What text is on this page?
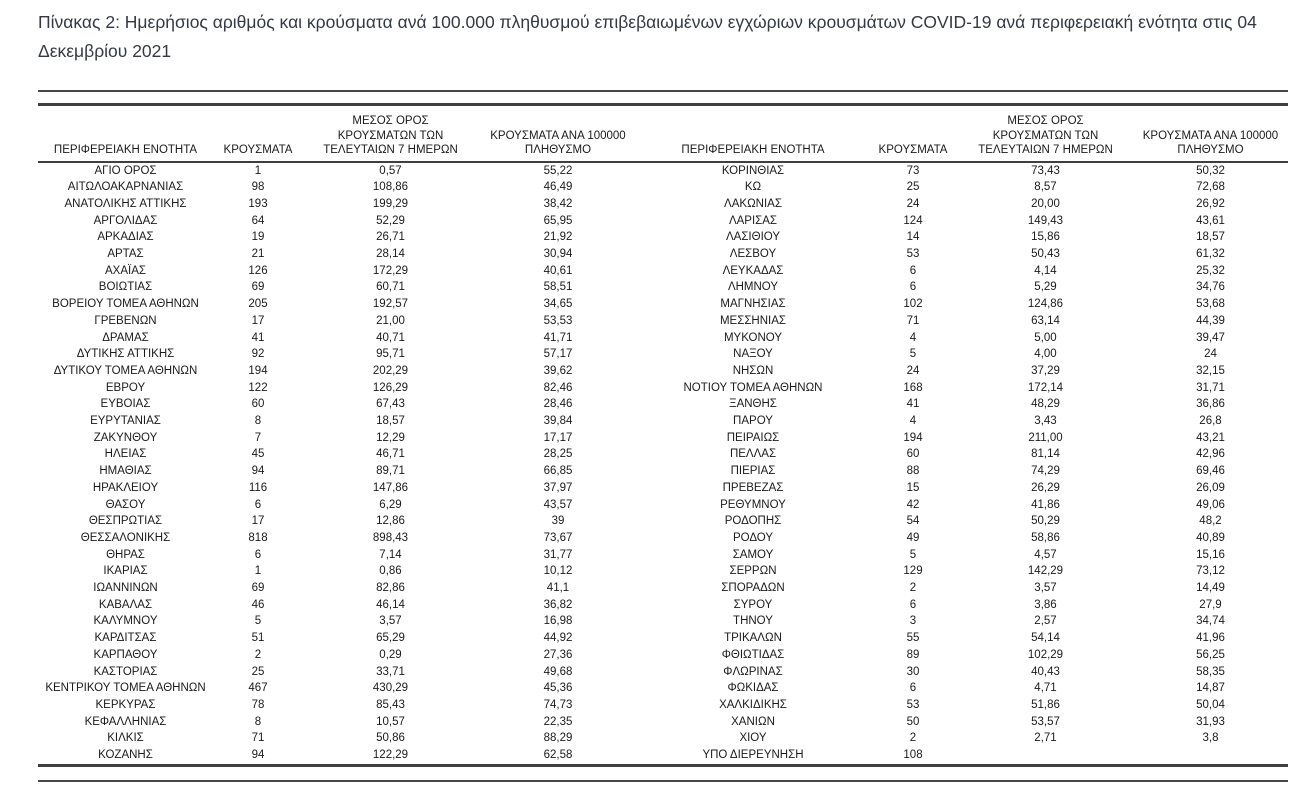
Πίνακας 2: Ημερήσιος αριθμός και κρούσματα ανά 100.000 πληθυσμού επιβεβαιωμένων εγχώριων κρουσμάτων COVID-19 ανά περιφερειακή ενότητα στις 04 Δεκεμβρίου 2021

ΠΕΡΙΦΕΡΕΙΑΚΗ ΕΝΟΤΗΤΑ	ΚΡΟΥΣΜΑΤΑ	ΜΕΣΟΣ ΟΡΟΣ
ΚΡΟΥΣΜΑΤΩΝ ΤΩΝ
ΤΕΛΕΥΤΑΙΩΝ 7 ΗΜΕΡΩΝ	ΚΡΟΥΣΜΑΤΑ ΑΝΑ 100000
ΠΛΗΘΥΣΜΟ	ΠΕΡΙΦΕΡΕΙΑΚΗ ΕΝΟΤΗΤΑ	ΚΡΟΥΣΜΑΤΑ	ΜΕΣΟΣ ΟΡΟΣ
ΚΡΟΥΣΜΑΤΩΝ ΤΩΝ
ΤΕΛΕΥΤΑΙΩΝ 7 ΗΜΕΡΩΝ	ΚΡΟΥΣΜΑΤΑ ΑΝΑ 100000
ΠΛΗΘΥΣΜΟ
ΑΓΙΟ ΟΡΟΣ	1	0,57	55,22	ΚΟΡΙΝΘΙΑΣ	73	73,43	50,32
ΑΙΤΩΛΟΑΚΑΡΝΑΝΙΑΣ	98	108,86	46,49	ΚΩ	25	8,57	72,68
ΑΝΑΤΟΛΙΚΗΣ ΑΤΤΙΚΗΣ	193	199,29	38,42	ΛΑΚΩΝΙΑΣ	24	20,00	26,92
ΑΡΓΟΛΙΔΑΣ	64	52,29	65,95	ΛΑΡΙΣΑΣ	124	149,43	43,61
ΑΡΚΑΔΙΑΣ	19	26,71	21,92	ΛΑΣΙΘΙΟΥ	14	15,86	18,57
ΑΡΤΑΣ	21	28,14	30,94	ΛΕΣΒΟΥ	53	50,43	61,32
ΑΧΑΪΑΣ	126	172,29	40,61	ΛΕΥΚΑΔΑΣ	6	4,14	25,32
ΒΟΙΩΤΙΑΣ	69	60,71	58,51	ΛΗΜΝΟΥ	6	5,29	34,76
ΒΟΡΕΙΟΥ ΤΟΜΕΑ ΑΘΗΝΩΝ	205	192,57	34,65	ΜΑΓΝΗΣΙΑΣ	102	124,86	53,68
ΓΡΕΒΕΝΩΝ	17	21,00	53,53	ΜΕΣΣΗΝΙΑΣ	71	63,14	44,39
ΔΡΑΜΑΣ	41	40,71	41,71	ΜΥΚΟΝΟΥ	4	5,00	39,47
ΔΥΤΙΚΗΣ ΑΤΤΙΚΗΣ	92	95,71	57,17	ΝΑΞΟΥ	5	4,00	24
ΔΥΤΙΚΟΥ ΤΟΜΕΑ ΑΘΗΝΩΝ	194	202,29	39,62	ΝΗΣΩΝ	24	37,29	32,15
ΕΒΡΟΥ	122	126,29	82,46	ΝΟΤΙΟΥ ΤΟΜΕΑ ΑΘΗΝΩΝ	168	172,14	31,71
ΕΥΒΟΙΑΣ	60	67,43	28,46	ΞΑΝΘΗΣ	41	48,29	36,86
ΕΥΡΥΤΑΝΙΑΣ	8	18,57	39,84	ΠΑΡΟΥ	4	3,43	26,8
ΖΑΚΥΝΘΟΥ	7	12,29	17,17	ΠΕΙΡΑΙΩΣ	194	211,00	43,21
ΗΛΕΙΑΣ	45	46,71	28,25	ΠΕΛΛΑΣ	60	81,14	42,96
ΗΜΑΘΙΑΣ	94	89,71	66,85	ΠΙΕΡΙΑΣ	88	74,29	69,46
ΗΡΑΚΛΕΙΟΥ	116	147,86	37,97	ΠΡΕΒΕΖΑΣ	15	26,29	26,09
ΘΑΣΟΥ	6	6,29	43,57	ΡΕΘΥΜΝΟΥ	42	41,86	49,06
ΘΕΣΠΡΩΤΙΑΣ	17	12,86	39	ΡΟΔΟΠΗΣ	54	50,29	48,2
ΘΕΣΣΑΛΟΝΙΚΗΣ	818	898,43	73,67	ΡΟΔΟΥ	49	58,86	40,89
ΘΗΡΑΣ	6	7,14	31,77	ΣΑΜΟΥ	5	4,57	15,16
ΙΚΑΡΙΑΣ	1	0,86	10,12	ΣΕΡΡΩΝ	129	142,29	73,12
ΙΩΑΝΝΙΝΩΝ	69	82,86	41,1	ΣΠΟΡΑΔΩΝ	2	3,57	14,49
ΚΑΒΑΛΑΣ	46	46,14	36,82	ΣΥΡΟΥ	6	3,86	27,9
ΚΑΛΥΜΝΟΥ	5	3,57	16,98	ΤΗΝΟΥ	3	2,57	34,74
ΚΑΡΔΙΤΣΑΣ	51	65,29	44,92	ΤΡΙΚΑΛΩΝ	55	54,14	41,96
ΚΑΡΠΑΘΟΥ	2	0,29	27,36	ΦΘΙΩΤΙΔΑΣ	89	102,29	56,25
ΚΑΣΤΟΡΙΑΣ	25	33,71	49,68	ΦΛΩΡΙΝΑΣ	30	40,43	58,35
ΚΕΝΤΡΙΚΟΥ ΤΟΜΕΑ ΑΘΗΝΩΝ	467	430,29	45,36	ΦΩΚΙΔΑΣ	6	4,71	14,87
ΚΕΡΚΥΡΑΣ	78	85,43	74,73	ΧΑΛΚΙΔΙΚΗΣ	53	51,86	50,04
ΚΕΦΑΛΛΗΝΙΑΣ	8	10,57	22,35	ΧΑΝΙΩΝ	50	53,57	31,93
ΚΙΛΚΙΣ	71	50,86	88,29	ΧΙΟΥ	2	2,71	3,8
ΚΟΖΑΝΗΣ	94	122,29	62,58	ΥΠΟ ΔΙΕΡΕΥΝΗΣΗ	108		
